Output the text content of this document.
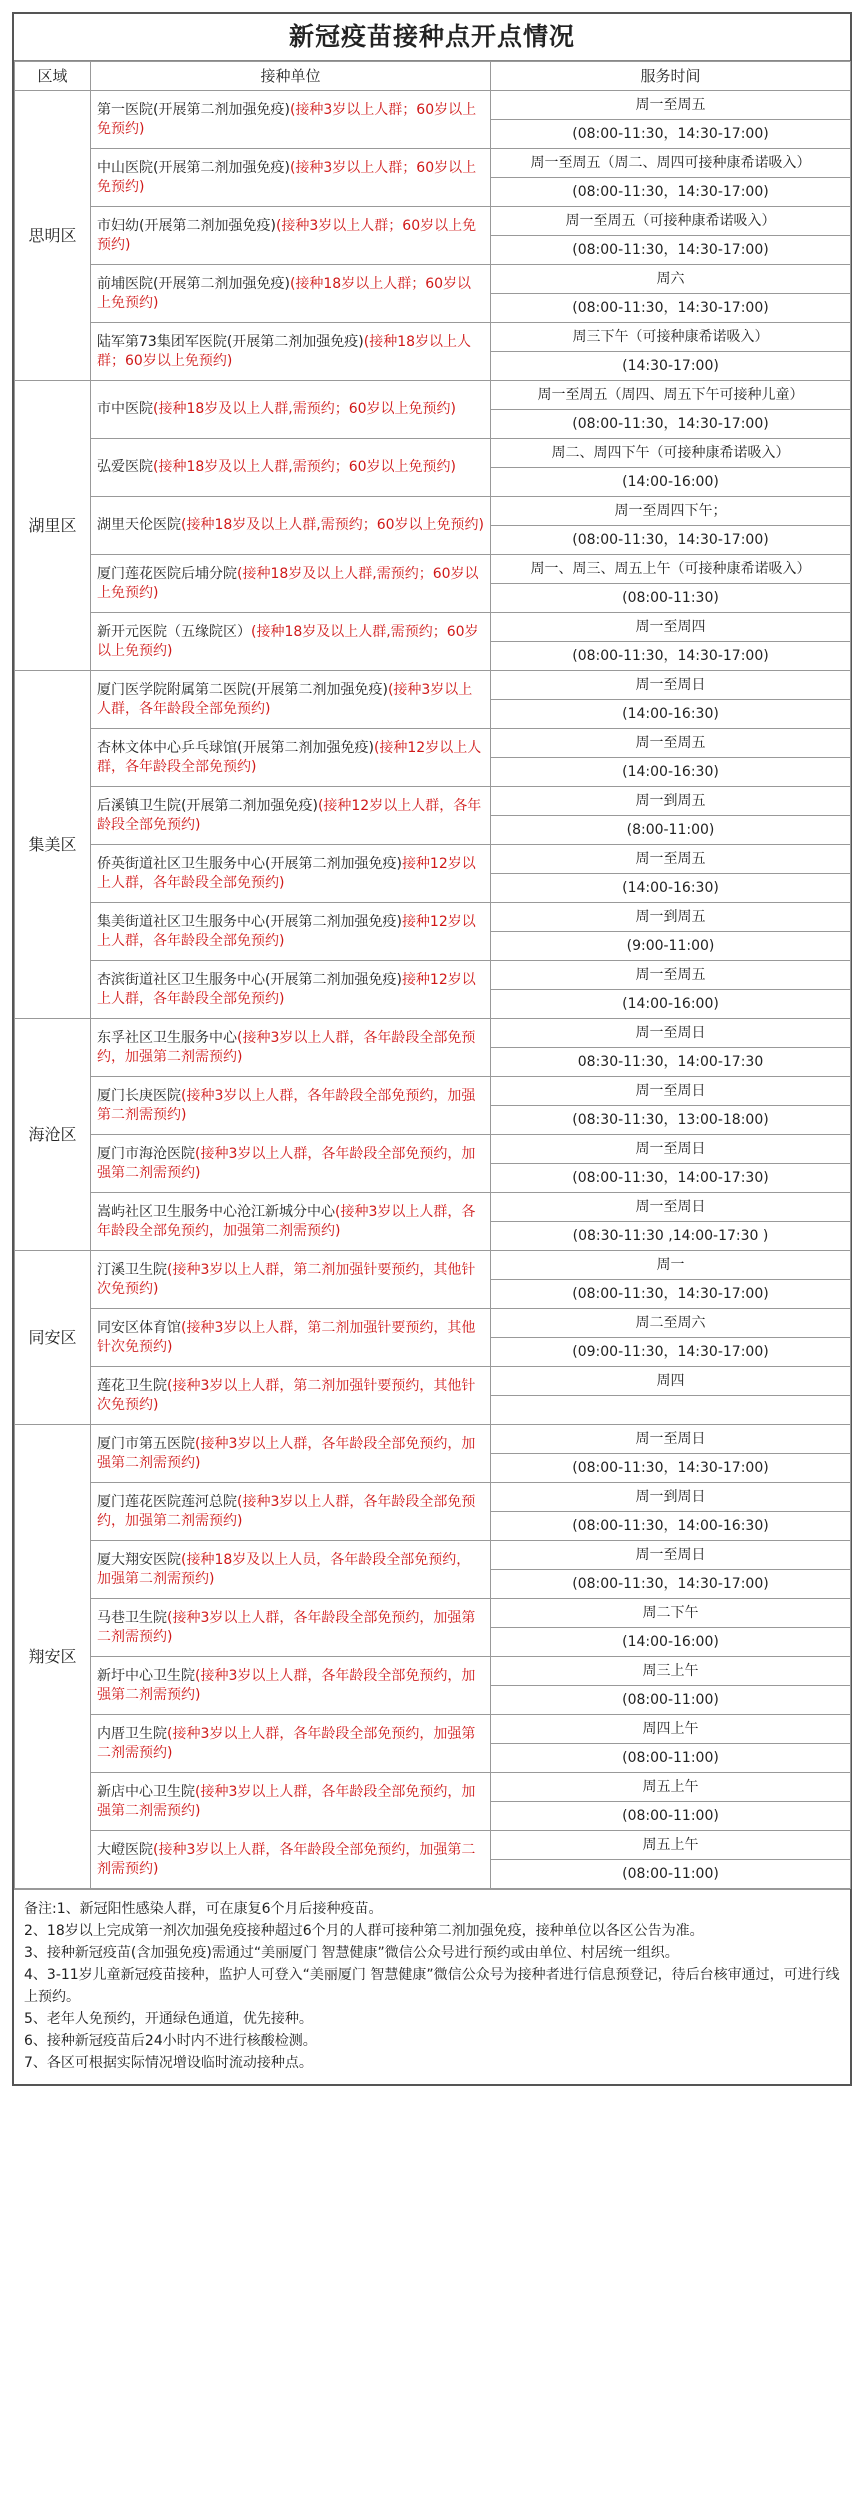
新冠疫苗接种点开点情况
区域	接种单位	服务时间
思明区	第一医院(开展第二剂加强免疫)(接种3岁以上人群；60岁以上免预约)	周一至周五
		(08:00-11:30，14:30-17:00)
	中山医院(开展第二剂加强免疫)(接种3岁以上人群；60岁以上免预约)	周一至周五（周二、周四可接种康希诺吸入）
		(08:00-11:30，14:30-17:00)
	市妇幼(开展第二剂加强免疫)(接种3岁以上人群；60岁以上免预约)	周一至周五（可接种康希诺吸入）
		(08:00-11:30，14:30-17:00)
	前埔医院(开展第二剂加强免疫)(接种18岁以上人群；60岁以上免预约)	周六
		(08:00-11:30，14:30-17:00)
	陆军第73集团军医院(开展第二剂加强免疫)(接种18岁以上人群；60岁以上免预约)	周三下午（可接种康希诺吸入）
		(14:30-17:00)
湖里区	市中医院(接种18岁及以上人群,需预约；60岁以上免预约)	周一至周五（周四、周五下午可接种儿童）
		(08:00-11:30，14:30-17:00)
	弘爱医院(接种18岁及以上人群,需预约；60岁以上免预约)	周二、周四下午（可接种康希诺吸入）
		(14:00-16:00)
	湖里天伦医院(接种18岁及以上人群,需预约；60岁以上免预约)	周一至周四下午；
		(08:00-11:30，14:30-17:00)
	厦门莲花医院后埔分院(接种18岁及以上人群,需预约；60岁以上免预约)	周一、周三、周五上午（可接种康希诺吸入）
		(08:00-11:30)
	新开元医院（五缘院区）(接种18岁及以上人群,需预约；60岁以上免预约)	周一至周四
		(08:00-11:30，14:30-17:00)
集美区	厦门医学院附属第二医院(开展第二剂加强免疫)(接种3岁以上人群，各年龄段全部免预约)	周一至周日
		(14:00-16:30)
	杏林文体中心乒乓球馆(开展第二剂加强免疫)(接种12岁以上人群，各年龄段全部免预约)	周一至周五
		(14:00-16:30)
	后溪镇卫生院(开展第二剂加强免疫)(接种12岁以上人群，各年龄段全部免预约)	周一到周五
		(8:00-11:00)
	侨英街道社区卫生服务中心(开展第二剂加强免疫)接种12岁以上人群，各年龄段全部免预约)	周一至周五
		(14:00-16:30)
	集美街道社区卫生服务中心(开展第二剂加强免疫)接种12岁以上人群，各年龄段全部免预约)	周一到周五
		(9:00-11:00)
	杏滨街道社区卫生服务中心(开展第二剂加强免疫)接种12岁以上人群，各年龄段全部免预约)	周一至周五
		(14:00-16:00)
海沧区	东孚社区卫生服务中心(接种3岁以上人群，各年龄段全部免预约，加强第二剂需预约)	周一至周日
		08:30-11:30，14:00-17:30
	厦门长庚医院(接种3岁以上人群，各年龄段全部免预约，加强第二剂需预约)	周一至周日
		(08:30-11:30，13:00-18:00)
	厦门市海沧医院(接种3岁以上人群，各年龄段全部免预约，加强第二剂需预约)	周一至周日
		(08:00-11:30，14:00-17:30)
	嵩屿社区卫生服务中心沧江新城分中心(接种3岁以上人群，各年龄段全部免预约，加强第二剂需预约)	周一至周日
		(08:30-11:30 ,14:00-17:30 )
同安区	汀溪卫生院(接种3岁以上人群，第二剂加强针要预约，其他针次免预约)	周一
		(08:00-11:30，14:30-17:00)
	同安区体育馆(接种3岁以上人群，第二剂加强针要预约，其他针次免预约)	周二至周六
		(09:00-11:30，14:30-17:00)
	莲花卫生院(接种3岁以上人群，第二剂加强针要预约，其他针次免预约)	周四

翔安区	厦门市第五医院(接种3岁以上人群，各年龄段全部免预约，加强第二剂需预约)	周一至周日
		(08:00-11:30，14:30-17:00)
	厦门莲花医院莲河总院(接种3岁以上人群，各年龄段全部免预约，加强第二剂需预约)	周一到周日
		(08:00-11:30，14:00-16:30)
	厦大翔安医院(接种18岁及以上人员，各年龄段全部免预约，加强第二剂需预约)	周一至周日
		(08:00-11:30，14:30-17:00)
	马巷卫生院(接种3岁以上人群，各年龄段全部免预约，加强第二剂需预约)	周二下午
		(14:00-16:00)
	新圩中心卫生院(接种3岁以上人群，各年龄段全部免预约，加强第二剂需预约)	周三上午
		(08:00-11:00)
	内厝卫生院(接种3岁以上人群，各年龄段全部免预约，加强第二剂需预约)	周四上午
		(08:00-11:00)
	新店中心卫生院(接种3岁以上人群，各年龄段全部免预约，加强第二剂需预约)	周五上午
		(08:00-11:00)
	大嶝医院(接种3岁以上人群，各年龄段全部免预约，加强第二剂需预约)	周五上午
		(08:00-11:00)
备注:1、新冠阳性感染人群，可在康复6个月后接种疫苗。
2、18岁以上完成第一剂次加强免疫接种超过6个月的人群可接种第二剂加强免疫，接种单位以各区公告为准。
3、接种新冠疫苗(含加强免疫)需通过“美丽厦门 智慧健康”微信公众号进行预约或由单位、村居统一组织。
4、3-11岁儿童新冠疫苗接种，监护人可登入“美丽厦门 智慧健康”微信公众号为接种者进行信息预登记，待后台核审通过，可进行线上预约。
5、老年人免预约，开通绿色通道，优先接种。
6、接种新冠疫苗后24小时内不进行核酸检测。
7、各区可根据实际情况增设临时流动接种点。
